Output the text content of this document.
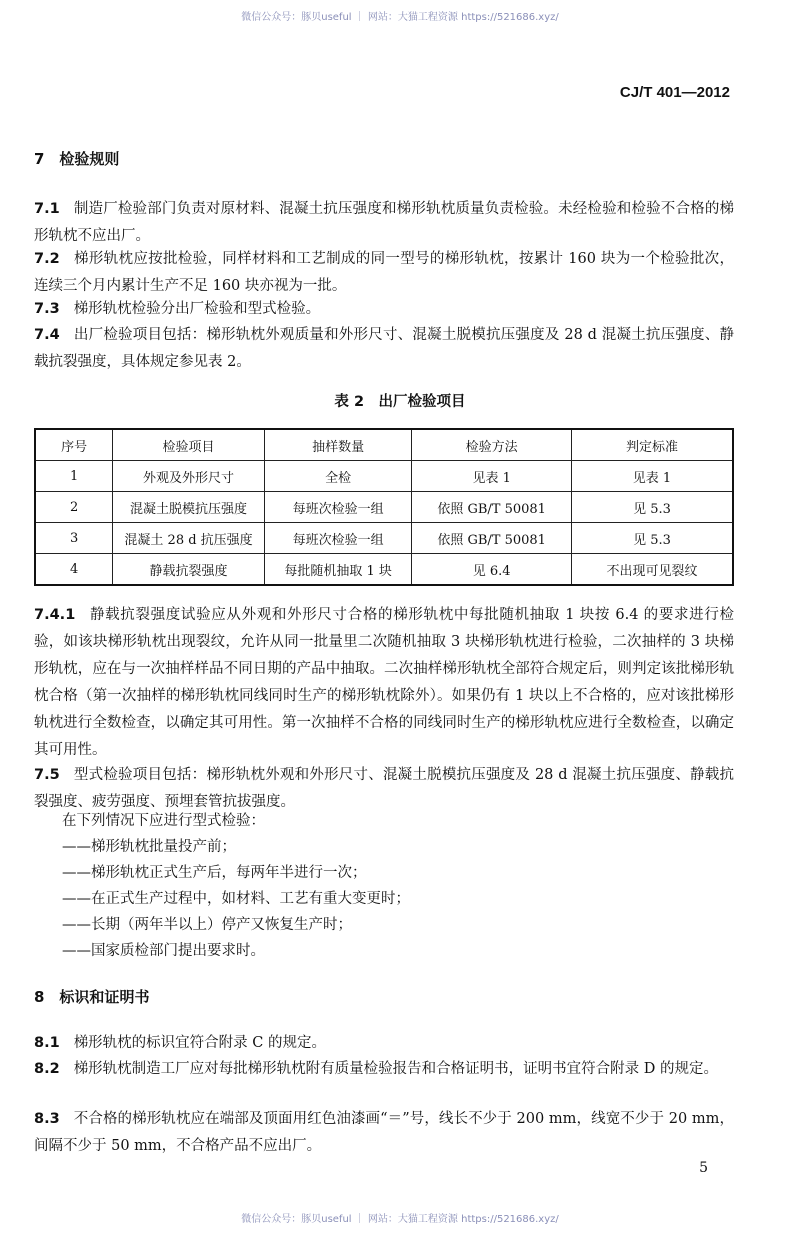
微信公众号：豚贝useful ｜ 网站：大猫工程资源 https://521686.xyz/
CJ/T 401—2012
7　检验规则
7.1 制造厂检验部门负责对原材料、混凝土抗压强度和梯形轨枕质量负责检验。未经检验和检验不合格的梯形轨枕不应出厂。
7.2 梯形轨枕应按批检验，同样材料和工艺制成的同一型号的梯形轨枕，按累计 160 块为一个检验批次，连续三个月内累计生产不足 160 块亦视为一批。
7.3 梯形轨枕检验分出厂检验和型式检验。
7.4 出厂检验项目包括：梯形轨枕外观质量和外形尺寸、混凝土脱模抗压强度及 28 d 混凝土抗压强度、静载抗裂强度，具体规定参见表 2。
表 2　出厂检验项目
序号	检验项目	抽样数量	检验方法	判定标准
1	外观及外形尺寸	全检	见表 1	见表 1
2	混凝土脱模抗压强度	每班次检验一组	依照 GB/T 50081	见 5.3
3	混凝土 28 d 抗压强度	每班次检验一组	依照 GB/T 50081	见 5.3
4	静载抗裂强度	每批随机抽取 1 块	见 6.4	不出现可见裂纹
7.4.1 静载抗裂强度试验应从外观和外形尺寸合格的梯形轨枕中每批随机抽取 1 块按 6.4 的要求进行检验，如该块梯形轨枕出现裂纹，允许从同一批量里二次随机抽取 3 块梯形轨枕进行检验，二次抽样的 3 块梯形轨枕，应在与一次抽样样品不同日期的产品中抽取。二次抽样梯形轨枕全部符合规定后，则判定该批梯形轨枕合格（第一次抽样的梯形轨枕同线同时生产的梯形轨枕除外）。如果仍有 1 块以上不合格的，应对该批梯形轨枕进行全数检查，以确定其可用性。第一次抽样不合格的同线同时生产的梯形轨枕应进行全数检查，以确定其可用性。
7.5 型式检验项目包括：梯形轨枕外观和外形尺寸、混凝土脱模抗压强度及 28 d 混凝土抗压强度、静载抗裂强度、疲劳强度、预埋套管抗拔强度。
在下列情况下应进行型式检验：
——梯形轨枕批量投产前；
——梯形轨枕正式生产后，每两年半进行一次；
——在正式生产过程中，如材料、工艺有重大变更时；
——长期（两年半以上）停产又恢复生产时；
——国家质检部门提出要求时。
8　标识和证明书
8.1 梯形轨枕的标识宜符合附录 C 的规定。
8.2 梯形轨枕制造工厂应对每批梯形轨枕附有质量检验报告和合格证明书，证明书宜符合附录 D 的规定。
8.3 不合格的梯形轨枕应在端部及顶面用红色油漆画“＝”号，线长不少于 200 mm，线宽不少于 20 mm，间隔不少于 50 mm，不合格产品不应出厂。
5
微信公众号：豚贝useful ｜ 网站：大猫工程资源 https://521686.xyz/
